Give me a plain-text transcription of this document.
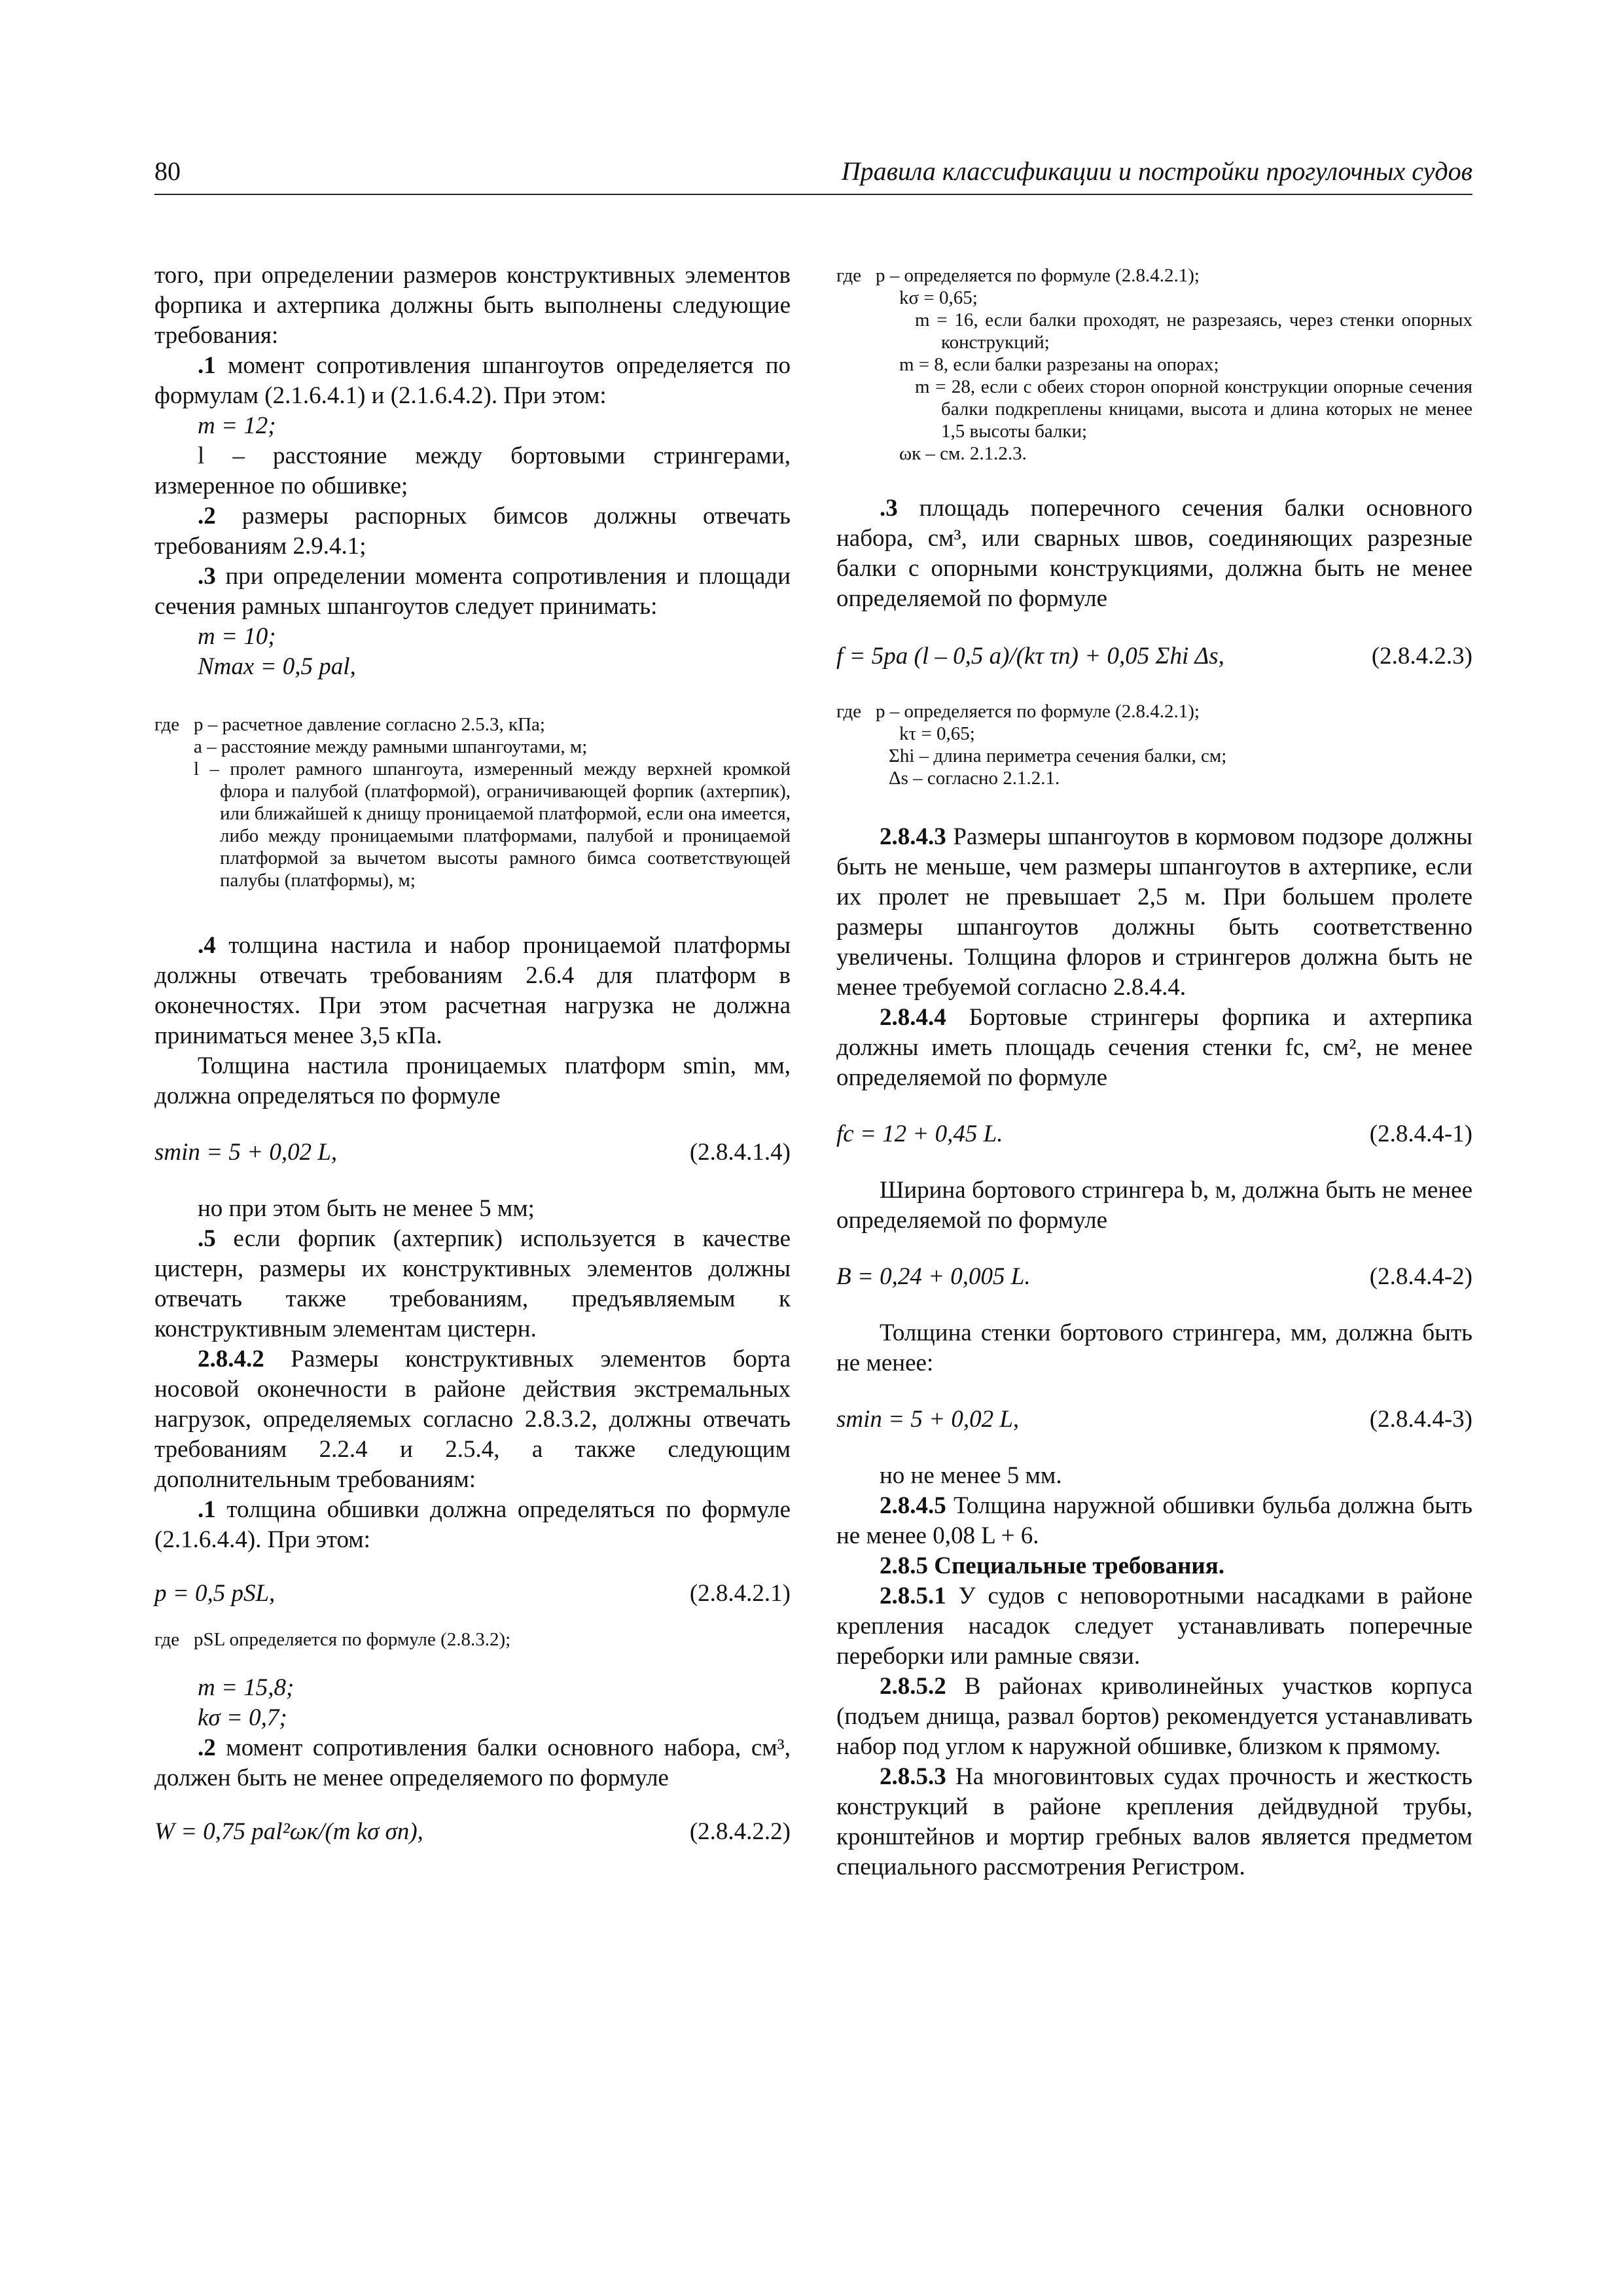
80	Правила классификации и постройки прогулочных судов

того, при определении размеров конструктивных элементов форпика и ахтерпика должны быть выполнены следующие требования:

.1 момент сопротивления шпангоутов определяется по формулам (2.1.6.4.1) и (2.1.6.4.2). При этом:

m = 12;

l – расстояние между бортовыми стрингерами, измеренное по обшивке;

.2 размеры распорных бимсов должны отвечать требованиям 2.9.4.1;

.3 при определении момента сопротивления и площади сечения рамных шпангоутов следует принимать:

m = 10;

Nmax = 0,5 pal,

где p – расчетное давление согласно 2.5.3, кПа;
a – расстояние между рамными шпангоутами, м;
l – пролет рамного шпангоута, измеренный между верхней кромкой флора и палубой (платформой), ограничивающей форпик (ахтерпик), или ближайшей к днищу проницаемой платформой, если она имеется, либо между проницаемыми платформами, палубой и проницаемой платформой за вычетом высоты рамного бимса соответствующей палубы (платформы), м;

.4 толщина настила и набор проницаемой платформы должны отвечать требованиям 2.6.4 для платформ в оконечностях. При этом расчетная нагрузка не должна приниматься менее 3,5 кПа.

Толщина настила проницаемых платформ smin, мм, должна определяться по формуле

smin = 5 + 0,02 L,	(2.8.4.1.4)

но при этом быть не менее 5 мм;

.5 если форпик (ахтерпик) используется в качестве цистерн, размеры их конструктивных элементов должны отвечать также требованиям, предъявляемым к конструктивным элементам цистерн.

2.8.4.2 Размеры конструктивных элементов борта носовой оконечности в районе действия экстремальных нагрузок, определяемых согласно 2.8.3.2, должны отвечать требованиям 2.2.4 и 2.5.4, а также следующим дополнительным требованиям:

.1 толщина обшивки должна определяться по формуле (2.1.6.4.4). При этом:

p = 0,5 pSL,	(2.8.4.2.1)
где pSL определяется по формуле (2.8.3.2);

m = 15,8;

kσ = 0,7;

.2 момент сопротивления балки основного набора, см³, должен быть не менее определяемого по формуле

W = 0,75 pal²ωк/(m kσ σn),	(2.8.4.2.2)
где p – определяется по формуле (2.8.4.2.1);
kσ = 0,65;
m = 16, если балки проходят, не разрезаясь, через стенки опорных конструкций;
m = 8, если балки разрезаны на опорах;
m = 28, если с обеих сторон опорной конструкции опорные сечения балки подкреплены кницами, высота и длина которых не менее 1,5 высоты балки;
ωк – см. 2.1.2.3.

.3 площадь поперечного сечения балки основного набора, см³, или сварных швов, соединяющих разрезные балки с опорными конструкциями, должна быть не менее определяемой по формуле

f = 5pa (l – 0,5 a)/(kτ τn) + 0,05 Σhi Δs,	(2.8.4.2.3)
где p – определяется по формуле (2.8.4.2.1);
kτ = 0,65;
Σhi – длина периметра сечения балки, см;
Δs – согласно 2.1.2.1.

2.8.4.3 Размеры шпангоутов в кормовом подзоре должны быть не меньше, чем размеры шпангоутов в ахтерпике, если их пролет не превышает 2,5 м. При большем пролете размеры шпангоутов должны быть соответственно увеличены. Толщина флоров и стрингеров должна быть не менее требуемой согласно 2.8.4.4.

2.8.4.4 Бортовые стрингеры форпика и ахтерпика должны иметь площадь сечения стенки fc, см², не менее определяемой по формуле

fc = 12 + 0,45 L.	(2.8.4.4-1)

Ширина бортового стрингера b, м, должна быть не менее определяемой по формуле

B = 0,24 + 0,005 L.	(2.8.4.4-2)

Толщина стенки бортового стрингера, мм, должна быть не менее:

smin = 5 + 0,02 L,	(2.8.4.4-3)

но не менее 5 мм.

2.8.4.5 Толщина наружной обшивки бульба должна быть не менее 0,08 L + 6.

2.8.5 Специальные требования.

2.8.5.1 У судов с неповоротными насадками в районе крепления насадок следует устанавливать поперечные переборки или рамные связи.

2.8.5.2 В районах криволинейных участков корпуса (подъем днища, развал бортов) рекомендуется устанавливать набор под углом к наружной обшивке, близком к прямому.

2.8.5.3 На многовинтовых судах прочность и жесткость конструкций в районе крепления дейдвудной трубы, кронштейнов и мортир гребных валов является предметом специального рассмотрения Регистром.
